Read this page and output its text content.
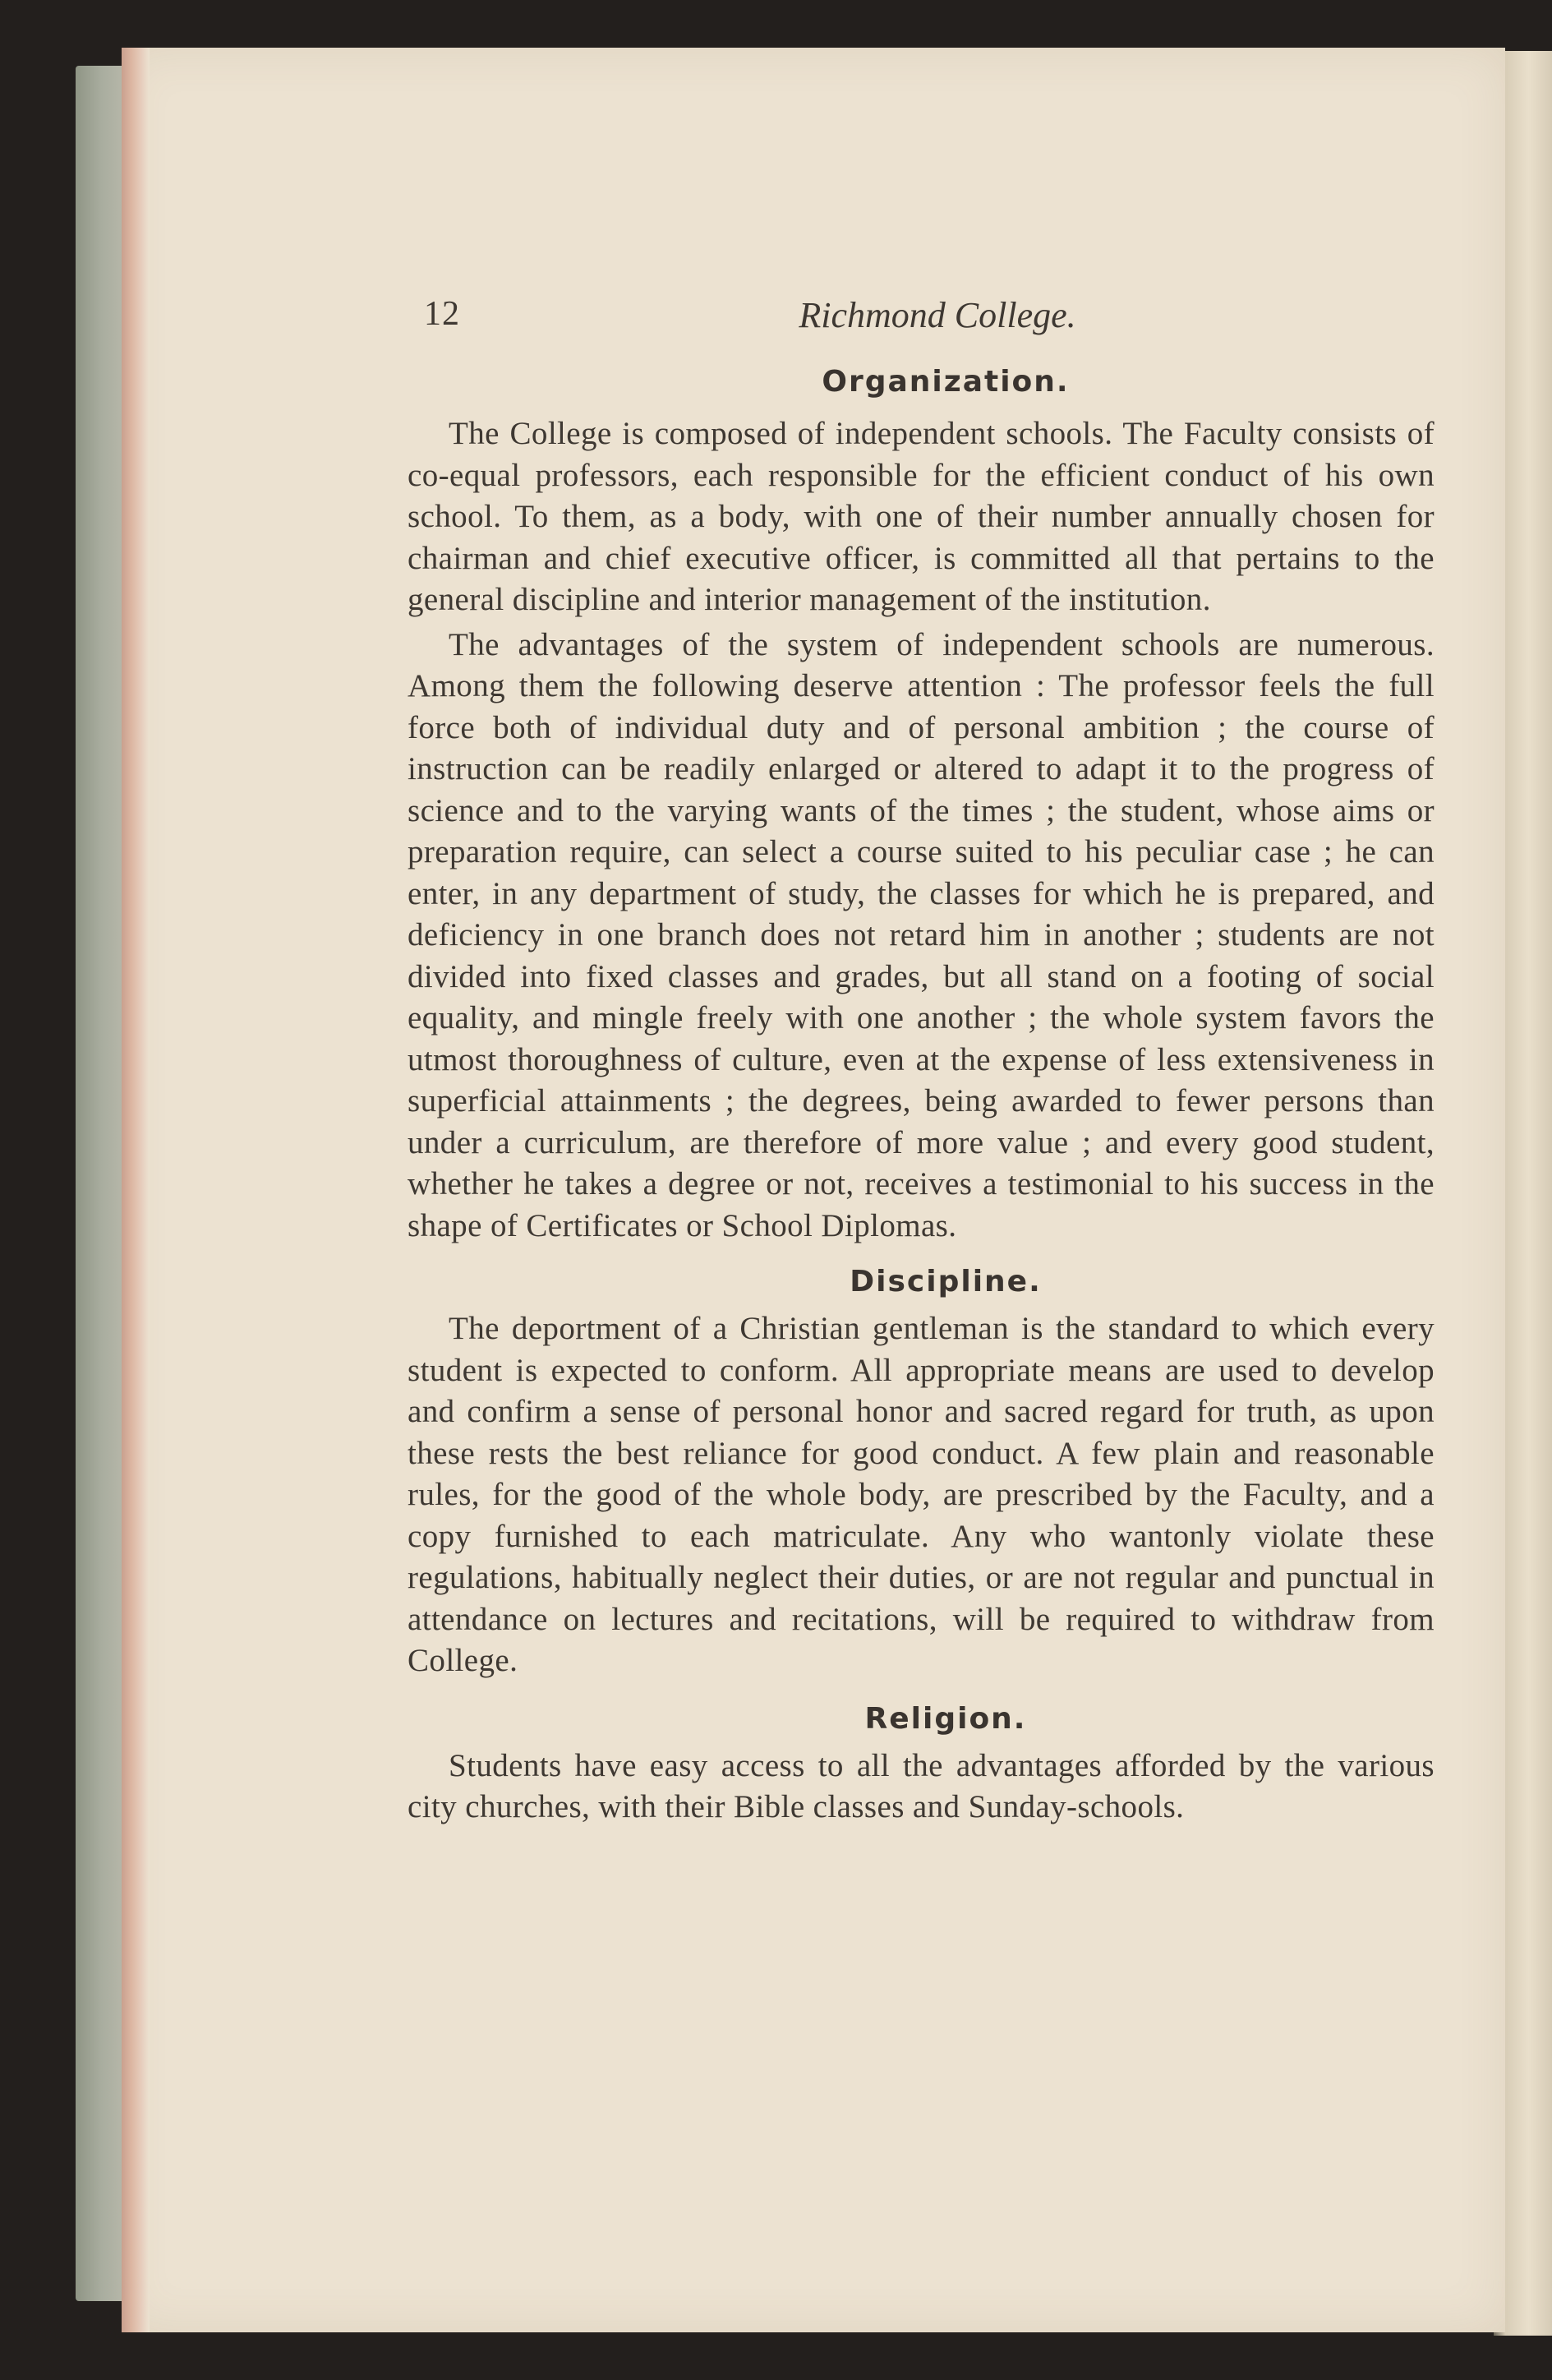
12	Richmond College.
Organization.

The College is composed of independent schools. The Faculty consists of co-equal professors, each responsible for the efficient conduct of his own school. To them, as a body, with one of their number annually chosen for chairman and chief executive officer, is committed all that pertains to the general discipline and interior management of the institution.

The advantages of the system of independent schools are numerous. Among them the following deserve attention : The professor feels the full force both of individual duty and of personal ambition ; the course of instruction can be readily enlarged or altered to adapt it to the progress of science and to the varying wants of the times ; the student, whose aims or preparation require, can select a course suited to his peculiar case ; he can enter, in any department of study, the classes for which he is prepared, and deficiency in one branch does not retard him in another ; students are not divided into fixed classes and grades, but all stand on a footing of social equality, and mingle freely with one another ; the whole system favors the utmost thoroughness of culture, even at the expense of less extensiveness in superficial attainments ; the degrees, being awarded to fewer persons than under a curriculum, are therefore of more value ; and every good student, whether he takes a degree or not, receives a testimonial to his success in the shape of Certificates or School Diplomas.

Discipline.

The deportment of a Christian gentleman is the standard to which every student is expected to conform. All appropriate means are used to develop and confirm a sense of personal honor and sacred regard for truth, as upon these rests the best reliance for good conduct. A few plain and reasonable rules, for the good of the whole body, are prescribed by the Faculty, and a copy furnished to each matriculate. Any who wantonly violate these regulations, habitually neglect their duties, or are not regular and punctual in attendance on lectures and recitations, will be required to withdraw from College.

Religion.

Students have easy access to all the advantages afforded by the various city churches, with their Bible classes and Sunday-schools.
